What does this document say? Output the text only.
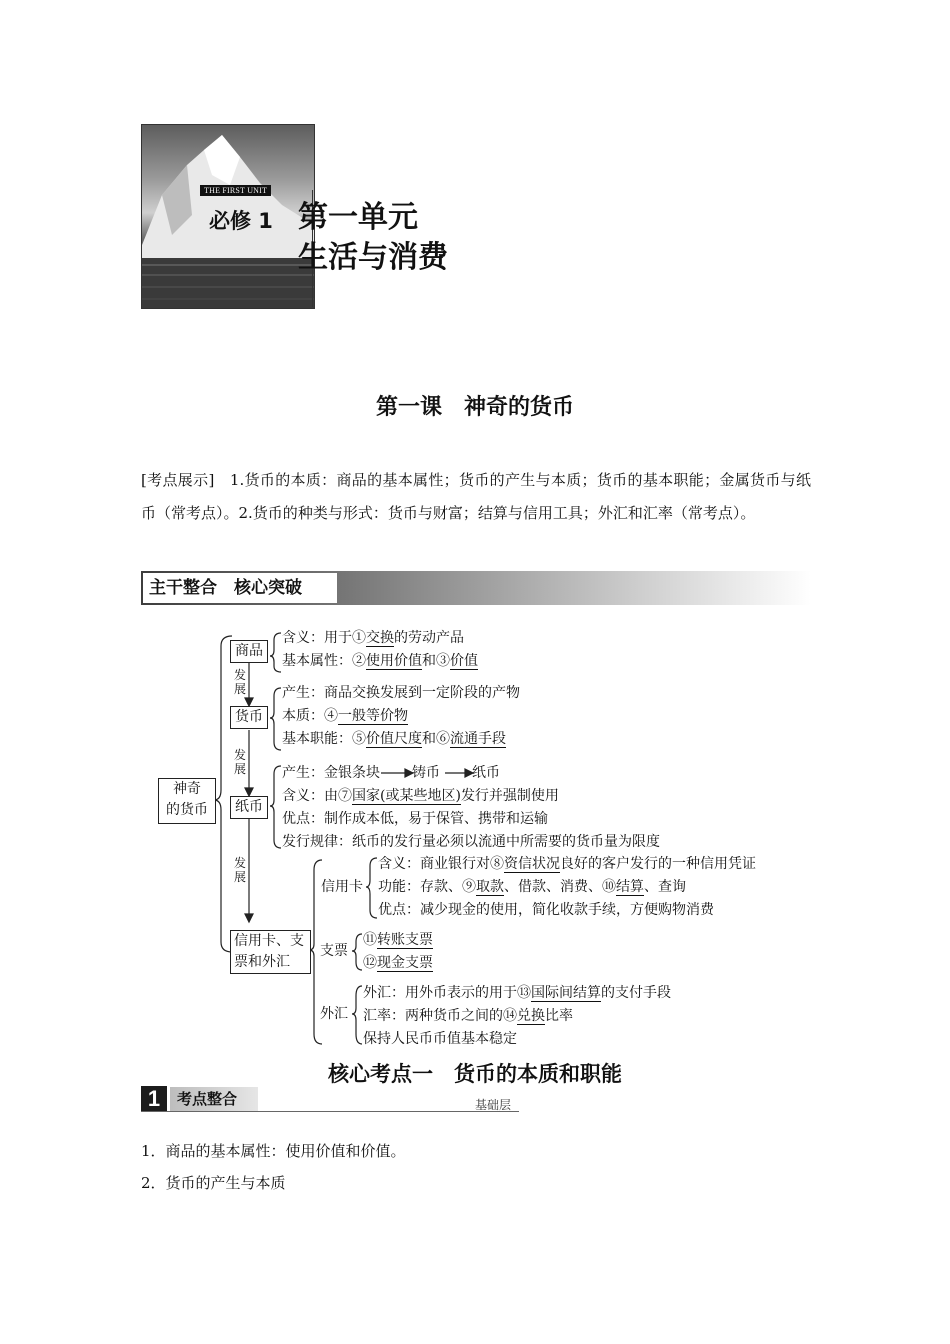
THE FIRST UNIT
必修 1 第一单元
生活与消费
第一课　神奇的货币
[考点展示]　1.货币的本质：商品的基本属性；货币的产生与本质；货币的基本职能；金属货币与纸币（常考点）。2.货币的种类与形式：货币与财富；结算与信用工具；外汇和汇率（常考点）。
主干整合　核心突破
神奇
的货币
发
展
发
展
发
展
商品
含义：用于①交换的劳动产品
基本属性：②使用价值和③价值
货币
产生：商品交换发展到一定阶段的产物
本质：④一般等价物
基本职能：⑤价值尺度和⑥流通手段
纸币
产生：金银条块 铸币 纸币
含义：由⑦国家(或某些地区)发行并强制使用
优点：制作成本低，易于保管、携带和运输
发行规律：纸币的发行量必须以流通中所需要的货币量为限度
信用卡、支
票和外汇
信用卡
含义：商业银行对⑧资信状况良好的客户发行的一种信用凭证
功能：存款、⑨取款、借款、消费、⑩结算、查询
优点：减少现金的使用，简化收款手续，方便购物消费
支票
⑪转账支票
⑫现金支票
外汇
外汇：用外币表示的用于⑬国际间结算的支付手段
汇率：两种货币之间的⑭兑换比率
保持人民币币值基本稳定
核心考点一　货币的本质和职能
1	考点整合	基础层
1．商品的基本属性：使用价值和价值。
2．货币的产生与本质
